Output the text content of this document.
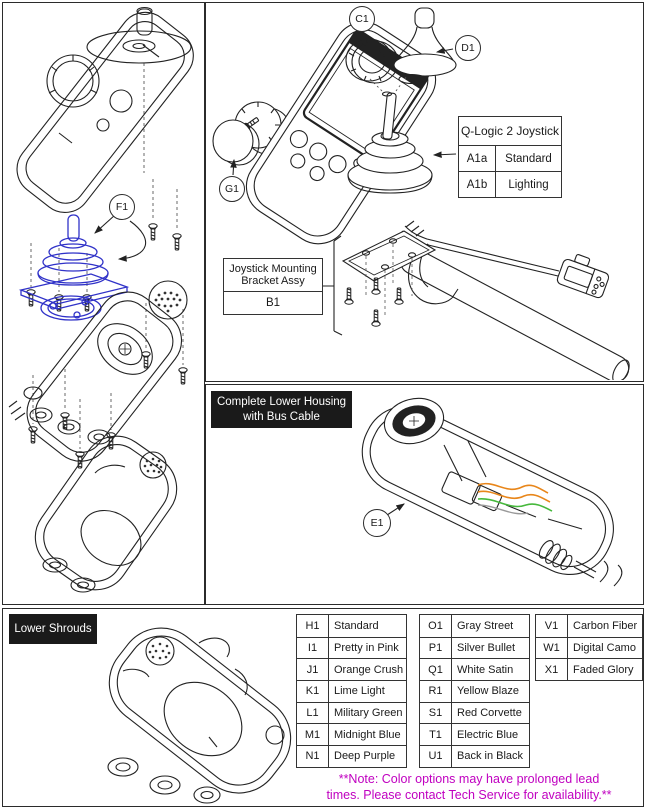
F1
C1
D1
G1
Q-Logic 2 Joystick
A1a	Standard
A1b	Lighting
Joystick Mounting Bracket Assy
B1
Complete Lower Housing with Bus Cable
E1
Lower Shrouds	H1	Standard
I1	Pretty in Pink
J1	Orange Crush
K1	Lime Light
L1	Military Green
M1	Midnight Blue
N1	Deep Purple
O1	Gray Street
P1	Silver Bullet
Q1	White Satin
R1	Yellow Blaze
S1	Red Corvette
T1	Electric Blue
U1	Back in Black
V1	Carbon Fiber
W1	Digital Camo
X1	Faded Glory
**Note: Color options may have prolonged lead
times. Please contact Tech Service for availability.**
